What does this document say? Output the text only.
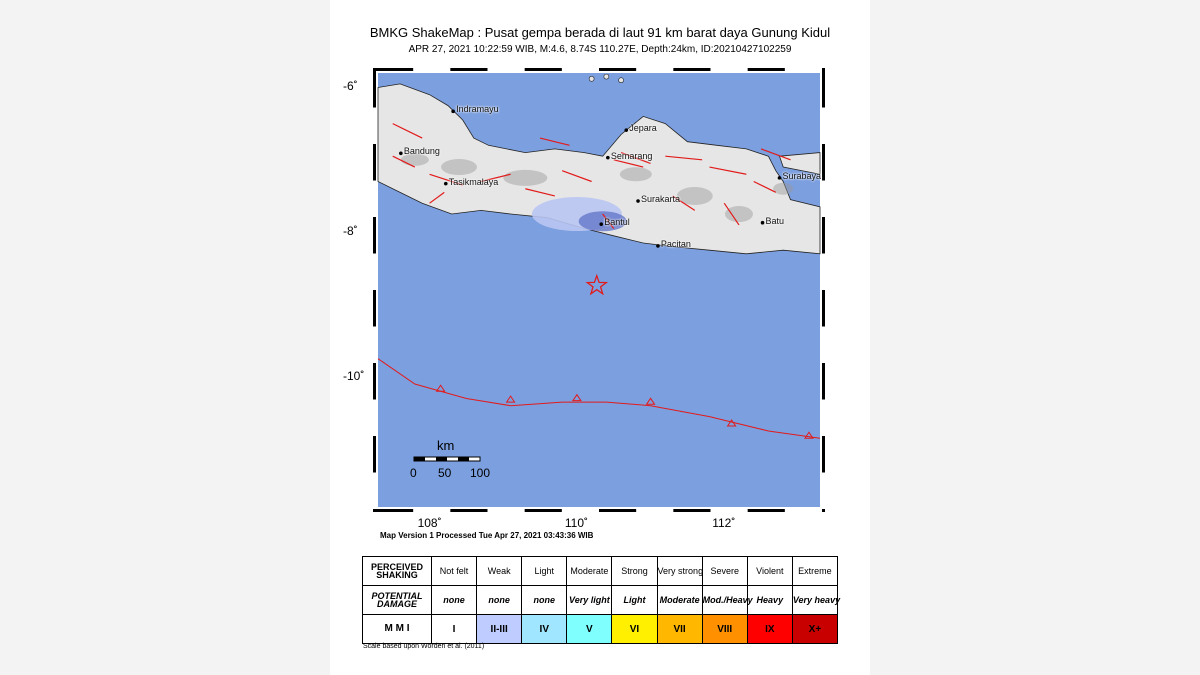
BMKG ShakeMap : Pusat gempa berada di laut 91 km barat daya Gunung Kidul
APR 27, 2021 10:22:59 WIB, M:4.6, 8.74S 110.27E, Depth:24km, ID:20210427102259
-6˚
-8˚
-10˚
108˚	110˚	112˚
Indramayu
Bandung
Tasikmalaya
Jepara
Semarang
Surakarta
Bantul
Pacitan
Batu
Surabaya
km
0 50 100
Map Version 1 Processed Tue Apr 27, 2021 03:43:36 WIB
PERCEIVED
SHAKING	Not felt	Weak	Light	Moderate	Strong	Very strong	Severe	Violent	Extreme
POTENTIAL
DAMAGE	none	none	none	Very light	Light	Moderate	Mod./Heavy	Heavy	Very heavy
M M I	I	II-III	IV	V	VI	VII	VIII	IX	X+
Scale based upon Worden et al. (2011)
